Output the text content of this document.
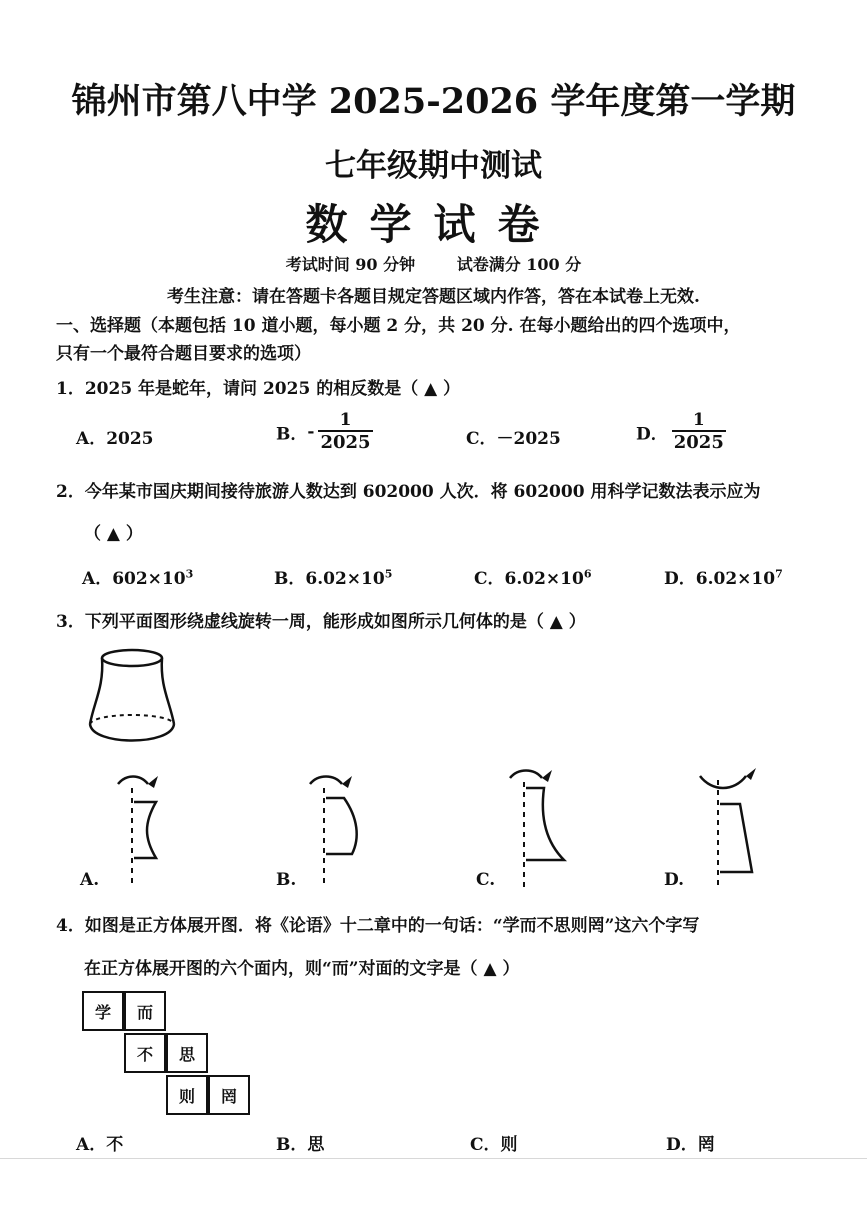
锦州市第八中学 2025-2026 学年度第一学期
七年级期中测试
数学试卷
考试时间 90 分钟	试卷满分 100 分
考生注意：请在答题卡各题目规定答题区域内作答，答在本试卷上无效.
一、选择题（本题包括 10 道小题，每小题 2 分，共 20 分. 在每小题给出的四个选项中，
只有一个最符合题目要求的选项）
1．2025 年是蛇年，请问 2025 的相反数是（ ▲ ）
A．2025	B．- $\frac{1}{2025}$	C．－2025	D． $\frac{1}{2025}$
2．今年某市国庆期间接待旅游人数达到 602000 人次．将 602000 用科学记数法表示应为
（ ▲ ）
A．$602\times 10^3$	B．$6.02\times 10^5$	C．$6.02\times 10^6$	D．$6.02\times 10^7$
3．下列平面图形绕虚线旋转一周，能形成如图所示几何体的是（ ▲ ）
A.	B.	C.	D.
4．如图是正方体展开图．将《论语》十二章中的一句话：“学而不思则罔”这六个字写
在正方体展开图的六个面内，则“而”对面的文字是（ ▲ ）
学	而
不	思
则	罔
A．不	B．思	C．则	D．罔
